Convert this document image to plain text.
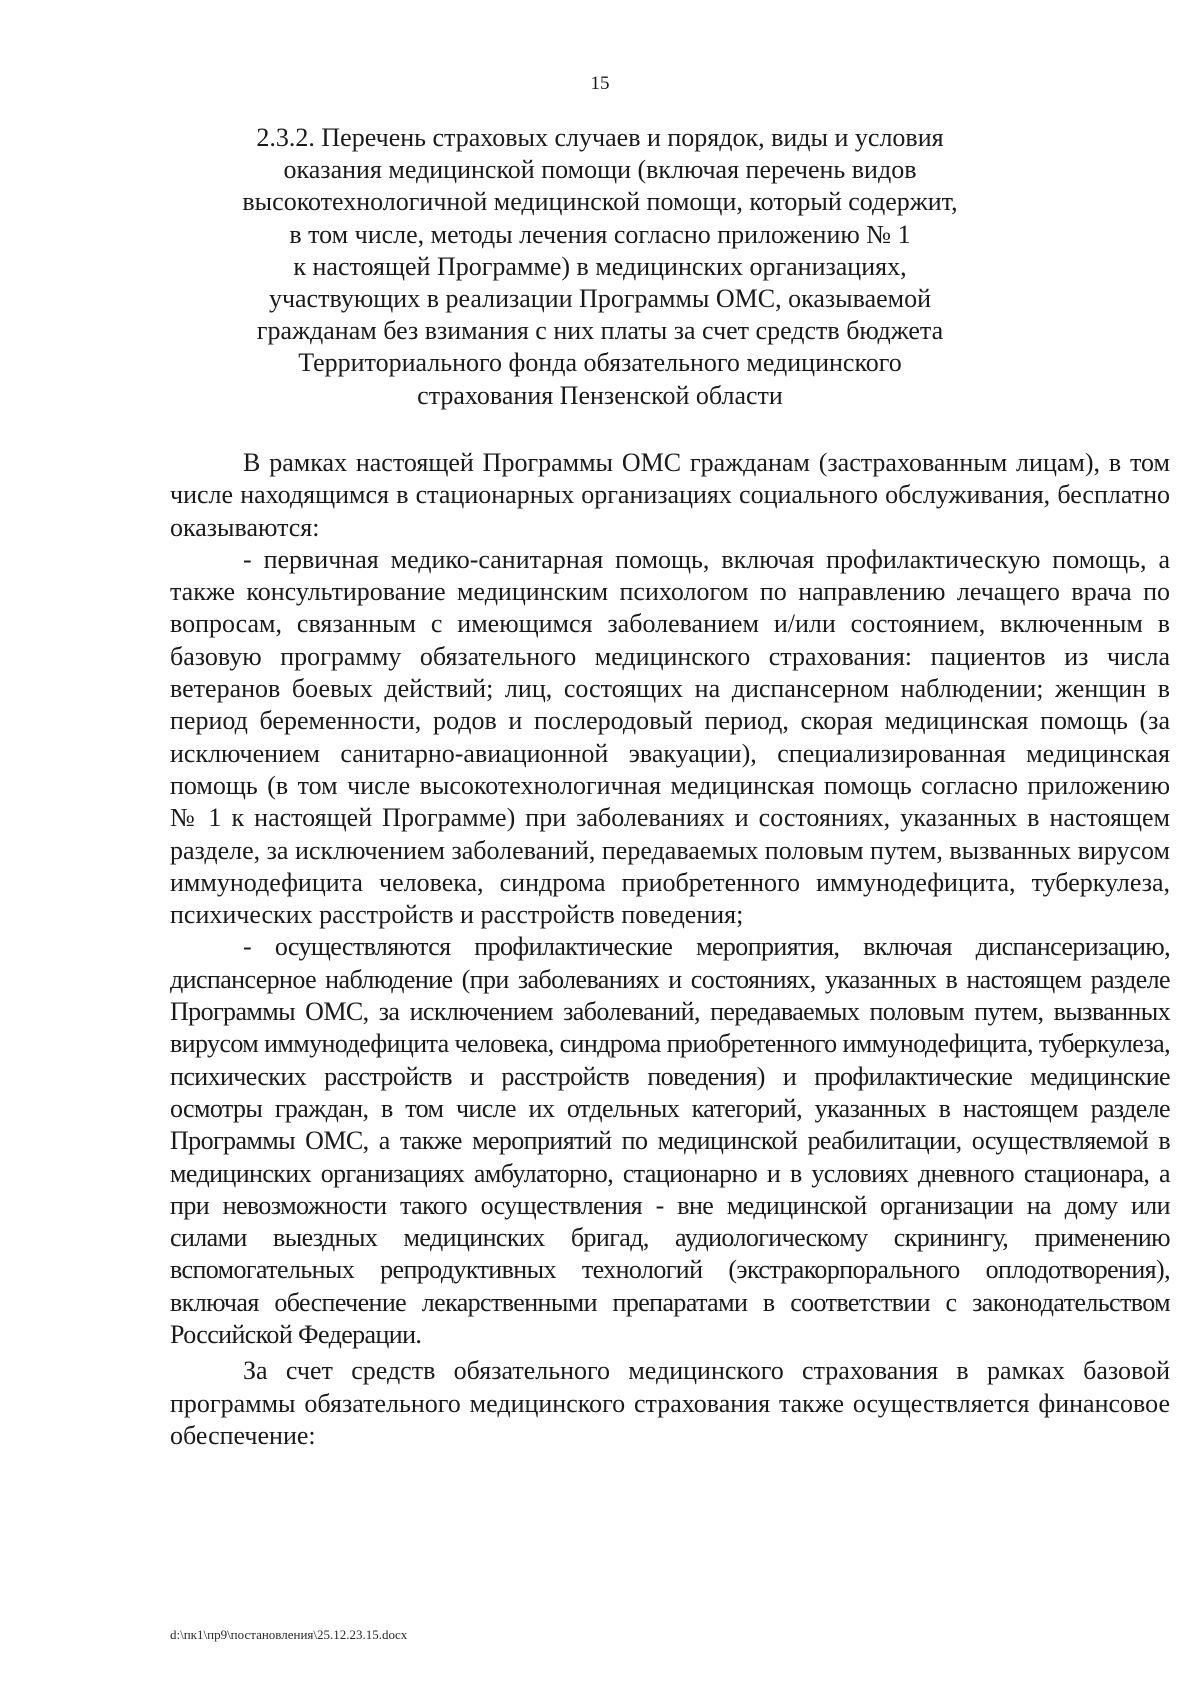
15
2.3.2. Перечень страховых случаев и порядок, виды и условия
оказания медицинской помощи (включая перечень видов
высокотехнологичной медицинской помощи, который содержит,
в том числе, методы лечения согласно приложению № 1
к настоящей Программе) в медицинских организациях,
участвующих в реализации Программы ОМС, оказываемой
гражданам без взимания с них платы за счет средств бюджета
Территориального фонда обязательного медицинского
страхования Пензенской области

В рамках настоящей Программы ОМС гражданам (застрахованным лицам), в том числе находящимся в стационарных организациях социального обслуживания, бесплатно оказываются:

- первичная медико-санитарная помощь, включая профилактическую помощь, а также консультирование медицинским психологом по направлению лечащего врача по вопросам, связанным с имеющимся заболеванием и/или состоянием, включенным в базовую программу обязательного медицинского страхования: пациентов из числа ветеранов боевых действий; лиц, состоящих на диспансерном наблюдении; женщин в период беременности, родов и послеродовый период, скорая медицинская помощь (за исключением санитарно-авиационной эвакуации), специализированная медицинская помощь (в том числе высокотехнологичная медицинская помощь согласно приложению № 1 к настоящей Программе) при заболеваниях и состояниях, указанных в настоящем разделе, за исключением заболеваний, передаваемых половым путем, вызванных вирусом иммунодефицита человека, синдрома приобретенного иммунодефицита, туберкулеза, психических расстройств и расстройств поведения;

- осуществляются профилактические мероприятия, включая диспансеризацию, диспансерное наблюдение (при заболеваниях и состояниях, указанных в настоящем разделе Программы ОМС, за исключением заболеваний, передаваемых половым путем, вызванных вирусом иммунодефицита человека, синдрома приобретенного иммунодефицита, туберкулеза, психических расстройств и расстройств поведения) и профилактические медицинские осмотры граждан, в том числе их отдельных категорий, указанных в настоящем разделе Программы ОМС, а также мероприятий по медицинской реабилитации, осуществляемой в медицинских организациях амбулаторно, стационарно и в условиях дневного стационара, а при невозможности такого осуществления - вне медицинской организации на дому или силами выездных медицинских бригад, аудиологическому скринингу, применению вспомогательных репродуктивных технологий (экстракорпорального оплодотворения), включая обеспечение лекарственными препаратами в соответствии с законодательством Российской Федерации.

За счет средств обязательного медицинского страхования в рамках базовой программы обязательного медицинского страхования также осуществляется финансовое обеспечение:

d:\пк1\пр9\постановления\25.12.23.15.docx
